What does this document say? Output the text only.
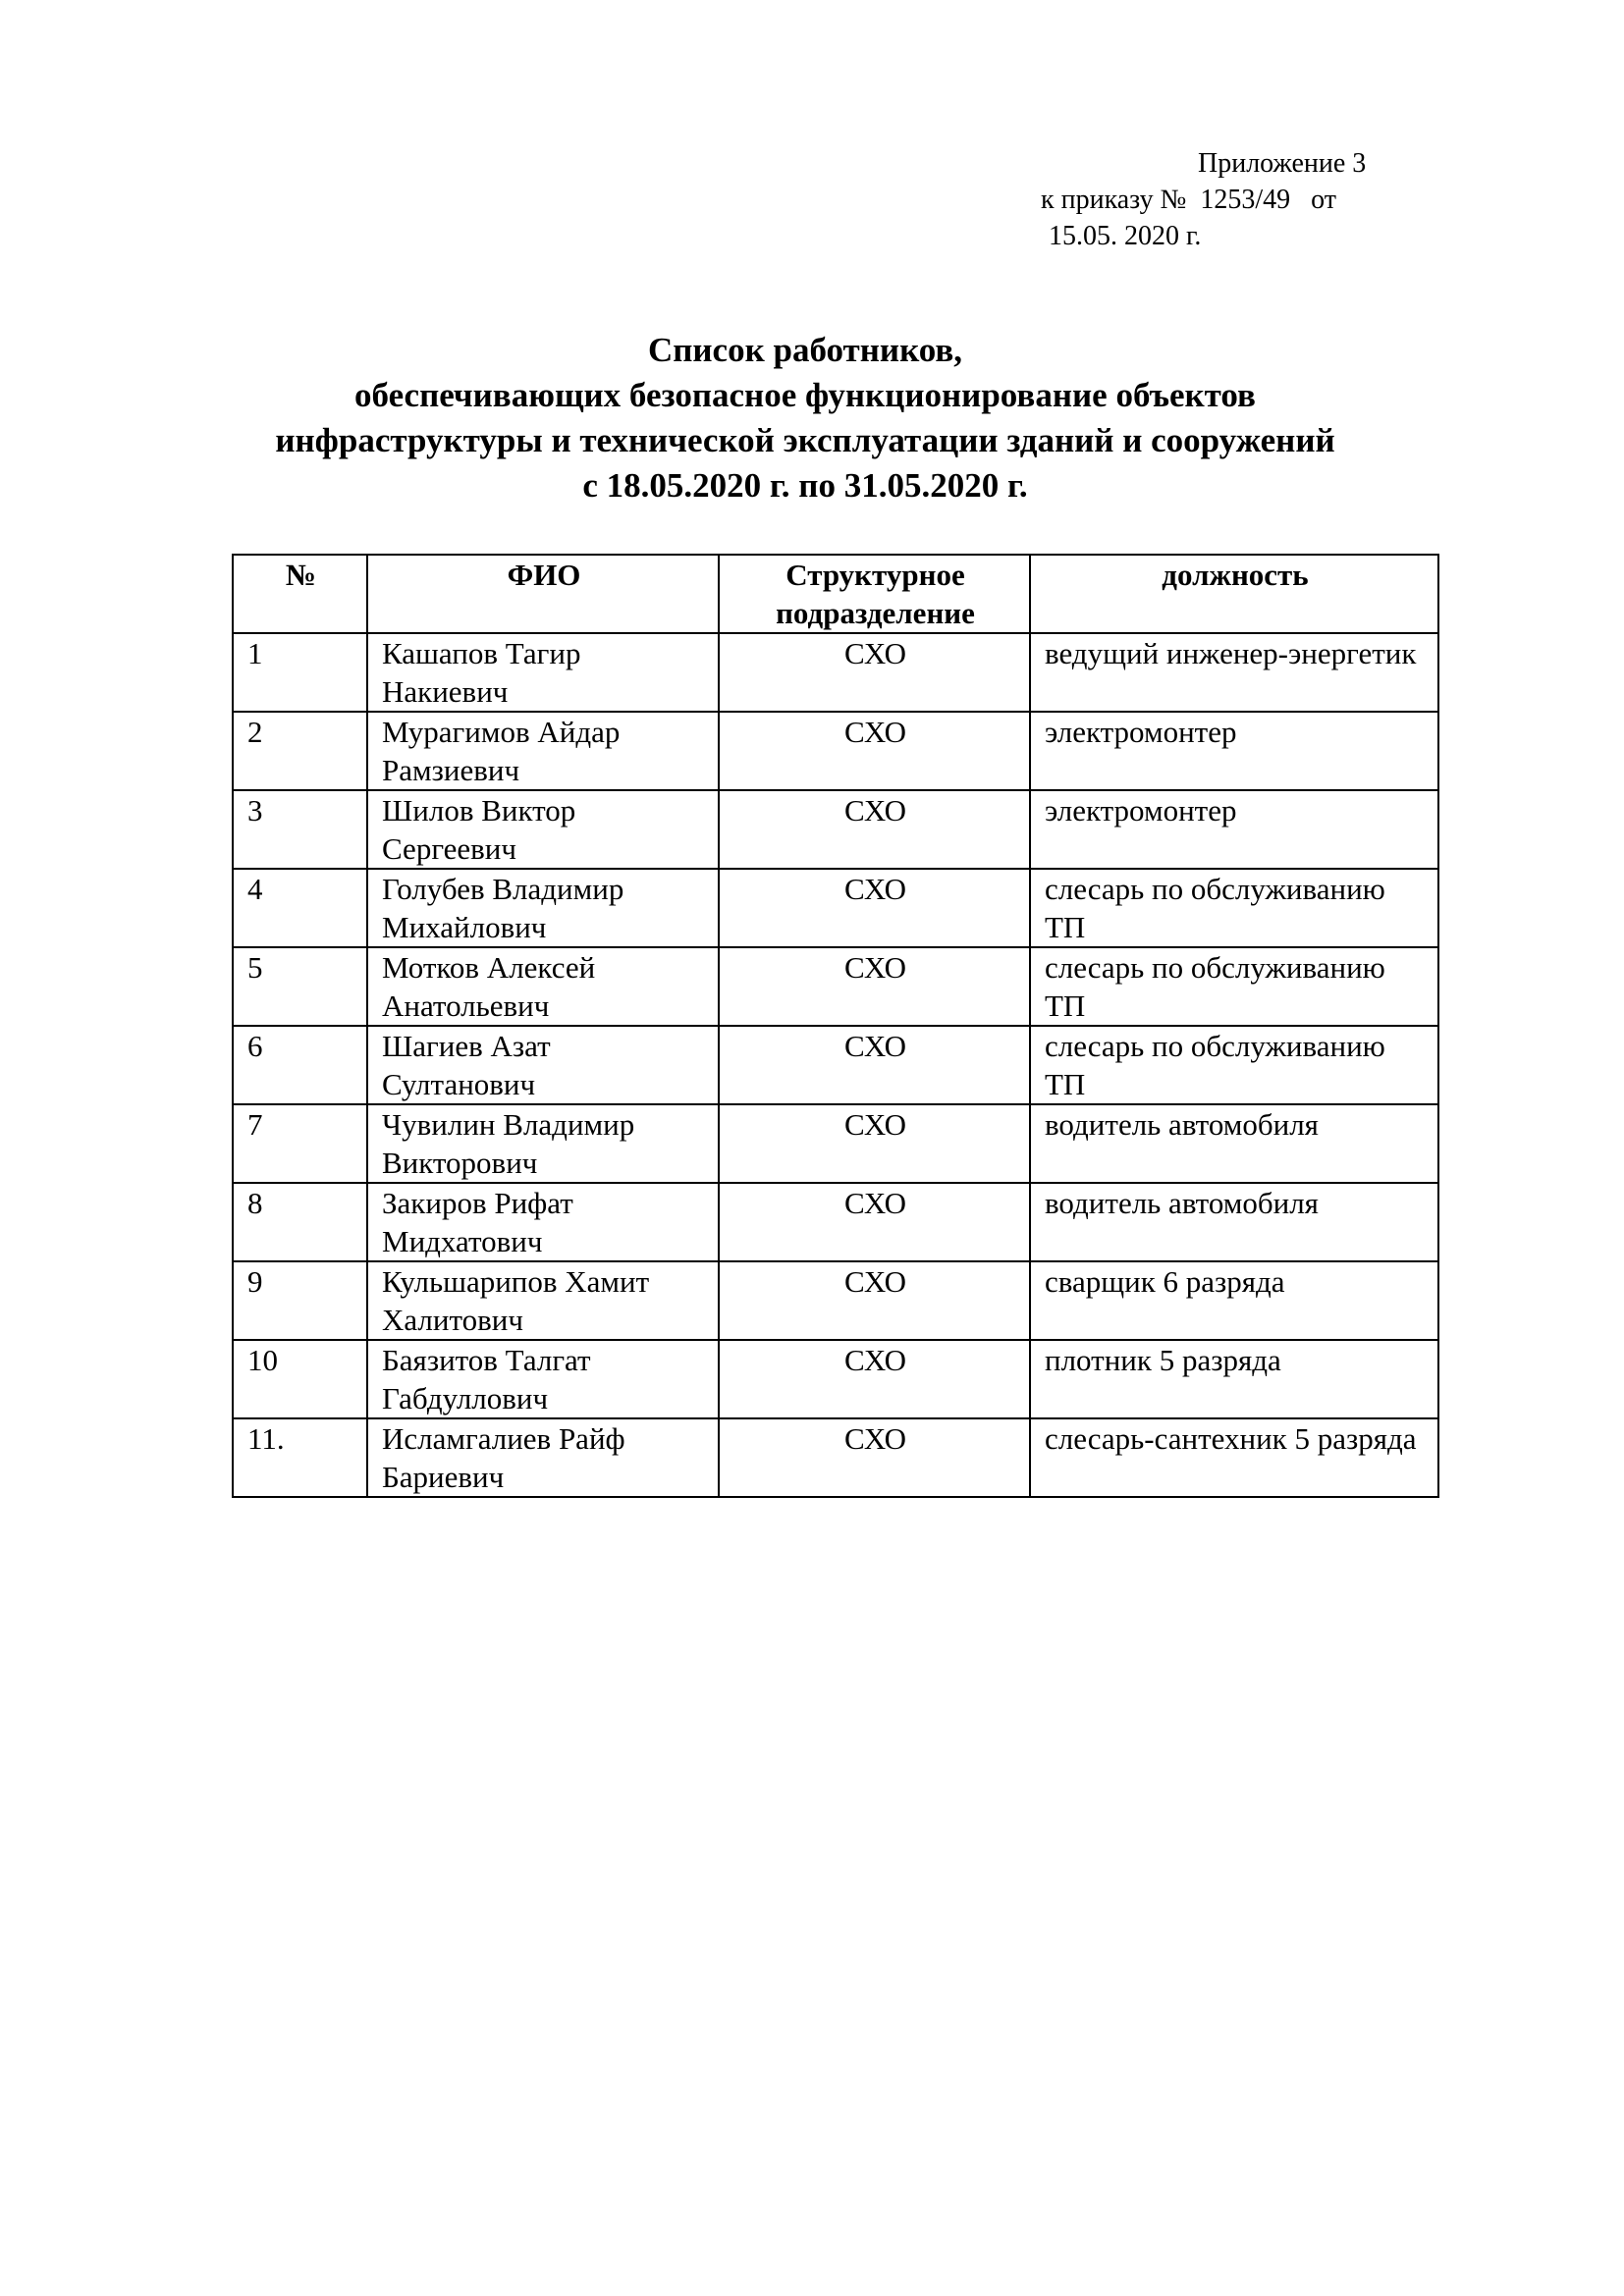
Приложение 3
к приказу №  1253/49   от
15.05. 2020 г.
Список работников,
обеспечивающих безопасное функционирование объектов
инфраструктуры и технической эксплуатации зданий и сооружений
с 18.05.2020 г. по 31.05.2020 г.
№	ФИО	Структурное подразделение	должность
1	Кашапов Тагир Накиевич	СХО	ведущий инженер-энергетик
2	Мурагимов Айдар Рамзиевич	СХО	электромонтер
3	Шилов Виктор Сергеевич	СХО	электромонтер
4	Голубев Владимир Михайлович	СХО	слесарь по обслуживанию ТП
5	Мотков Алексей Анатольевич	СХО	слесарь по обслуживанию ТП
6	Шагиев Азат Султанович	СХО	слесарь по обслуживанию ТП
7	Чувилин Владимир Викторович	СХО	водитель автомобиля
8	Закиров Рифат Мидхатович	СХО	водитель автомобиля
9	Кульшарипов Хамит Халитович	СХО	сварщик 6 разряда
10	Баязитов Талгат Габдуллович	СХО	плотник 5 разряда
11.	Исламгалиев Райф Бариевич	СХО	слесарь-сантехник 5 разряда
